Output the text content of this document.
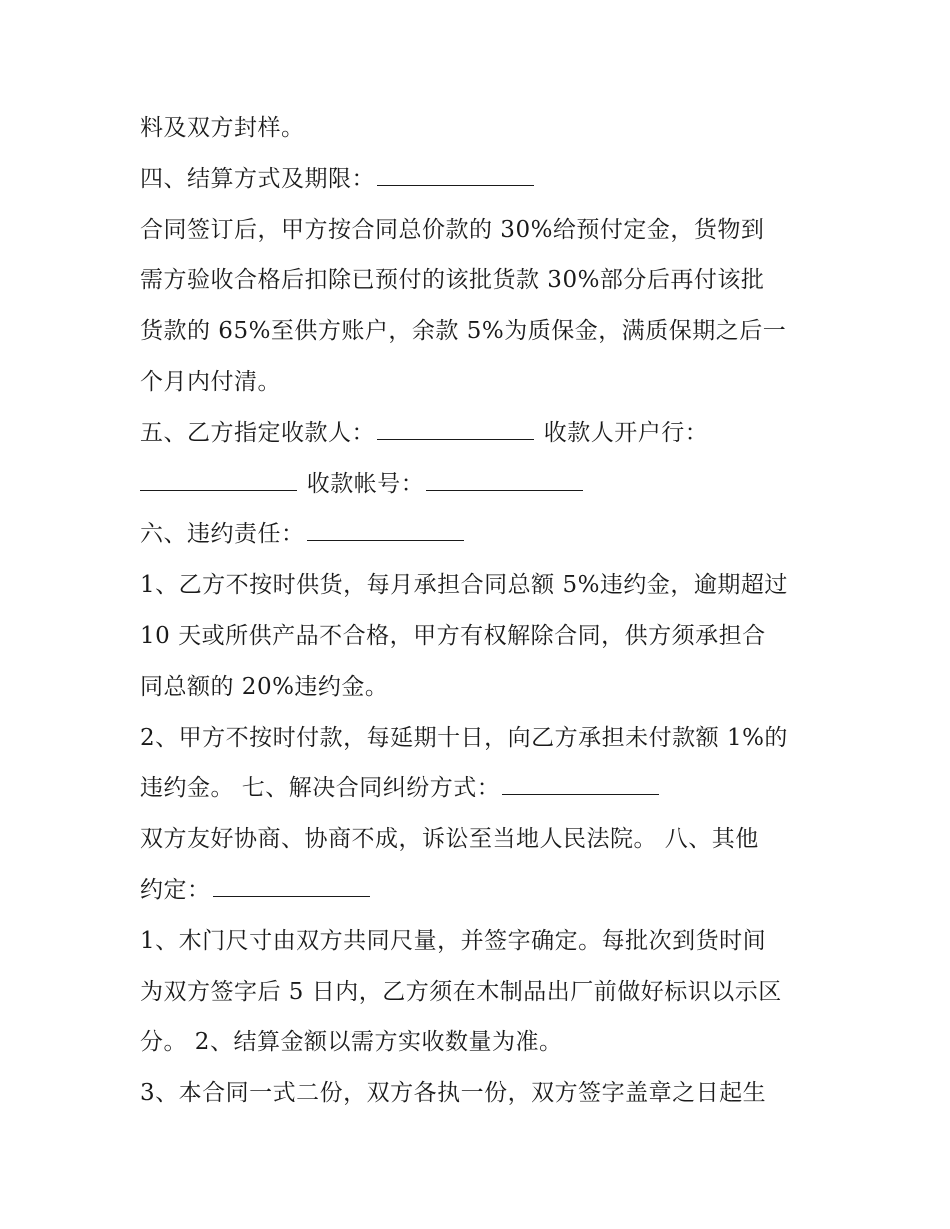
料及双方封样。
四、结算方式及期限：
合同签订后，甲方按合同总价款的 30%给预付定金，货物到
需方验收合格后扣除已预付的该批货款 30%部分后再付该批
货款的 65%至供方账户，余款 5%为质保金，满质保期之后一
个月内付清。
五、乙方指定收款人：	收款人开户行：
收款帐号：
六、违约责任：
1、乙方不按时供货，每月承担合同总额 5%违约金，逾期超过
10 天或所供产品不合格，甲方有权解除合同，供方须承担合
同总额的 20%违约金。
2、甲方不按时付款，每延期十日，向乙方承担未付款额 1%的
违约金。 七、解决合同纠纷方式：
双方友好协商、协商不成，诉讼至当地人民法院。 八、其他
约定：
1、木门尺寸由双方共同尺量，并签字确定。每批次到货时间
为双方签字后 5 日内，乙方须在木制品出厂前做好标识以示区
分。 2、结算金额以需方实收数量为准。
3、本合同一式二份，双方各执一份，双方签字盖章之日起生
